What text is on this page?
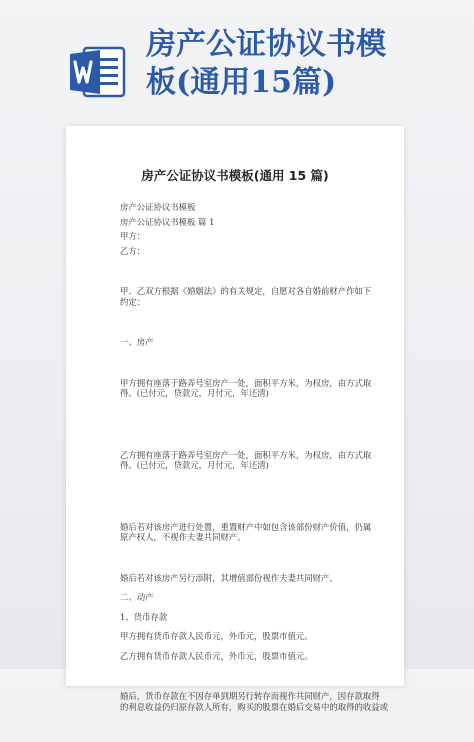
房产公证协议书模
板(通用15篇)
房产公证协议书模板(通用 15 篇)

房产公证协议书模板

房产公证协议书模板 篇 1

甲方：

乙方：

甲、乙双方根据《婚姻法》的有关规定，自愿对各自婚前财产作如下
约定：

一、房产

甲方拥有座落于路弄号室房产一处，面积平方米，为权房，由方式取
得。(已付元，贷款元，月付元，年还清)

乙方拥有座落于路弄号室房产一处，面积平方米，为权房，由方式取
得。(已付元，贷款元，月付元，年还清)

婚后若对该房产进行处置，重置财产中如包含该部份财产价值，仍属
原产权人，不视作夫妻共同财产。

婚后若对该房产另行添附，其增值部份视作夫妻共同财产。

二、动产

1、货币存款

甲方拥有货币存款人民币元，外币元，股票市值元。

乙方拥有货币存款人民币元，外币元，股票市值元。

婚后，货币存款在不因存单到期另行转存而视作共同财产，因存款取得
的利息收益仍归原存款人所有，购买的股票在婚后交易中的取得的收益或
